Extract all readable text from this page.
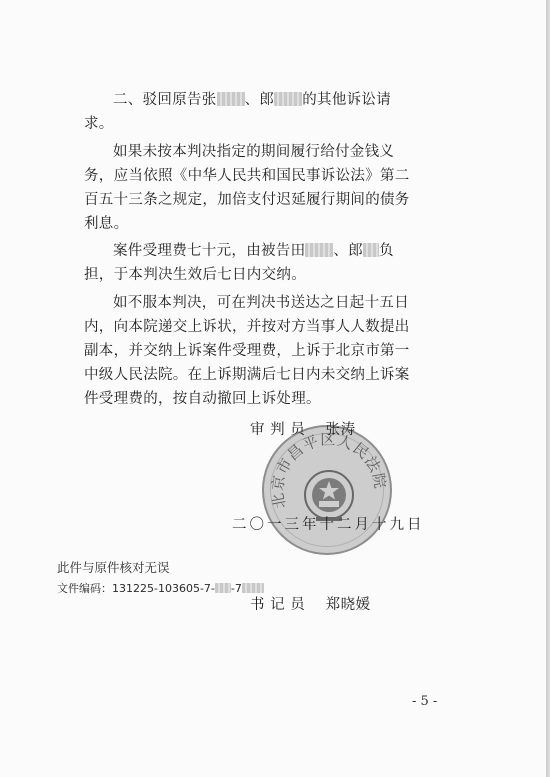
二、驳回原告张 、郎 的其他诉讼请求。

如果未按本判决指定的期间履行给付金钱义务，应当依照《中华人民共和国民事诉讼法》第二百五十三条之规定，加倍支付迟延履行期间的债务利息。

案件受理费七十元，由被告田 、郎 负担，于本判决生效后七日内交纳。

如不服本判决，可在判决书送达之日起十五日内，向本院递交上诉状，并按对方当事人人数提出副本，并交纳上诉案件受理费，上诉于北京市第一中级人民法院。在上诉期满后七日内未交纳上诉案件受理费的，按自动撤回上诉处理。

北京市昌平区人民法院
审 判 员 张涛
二〇一三年十二月十九日
此件与原件核对无误
文件编码：131225-103605-7- -7
书 记 员 郑晓媛
- 5 -
